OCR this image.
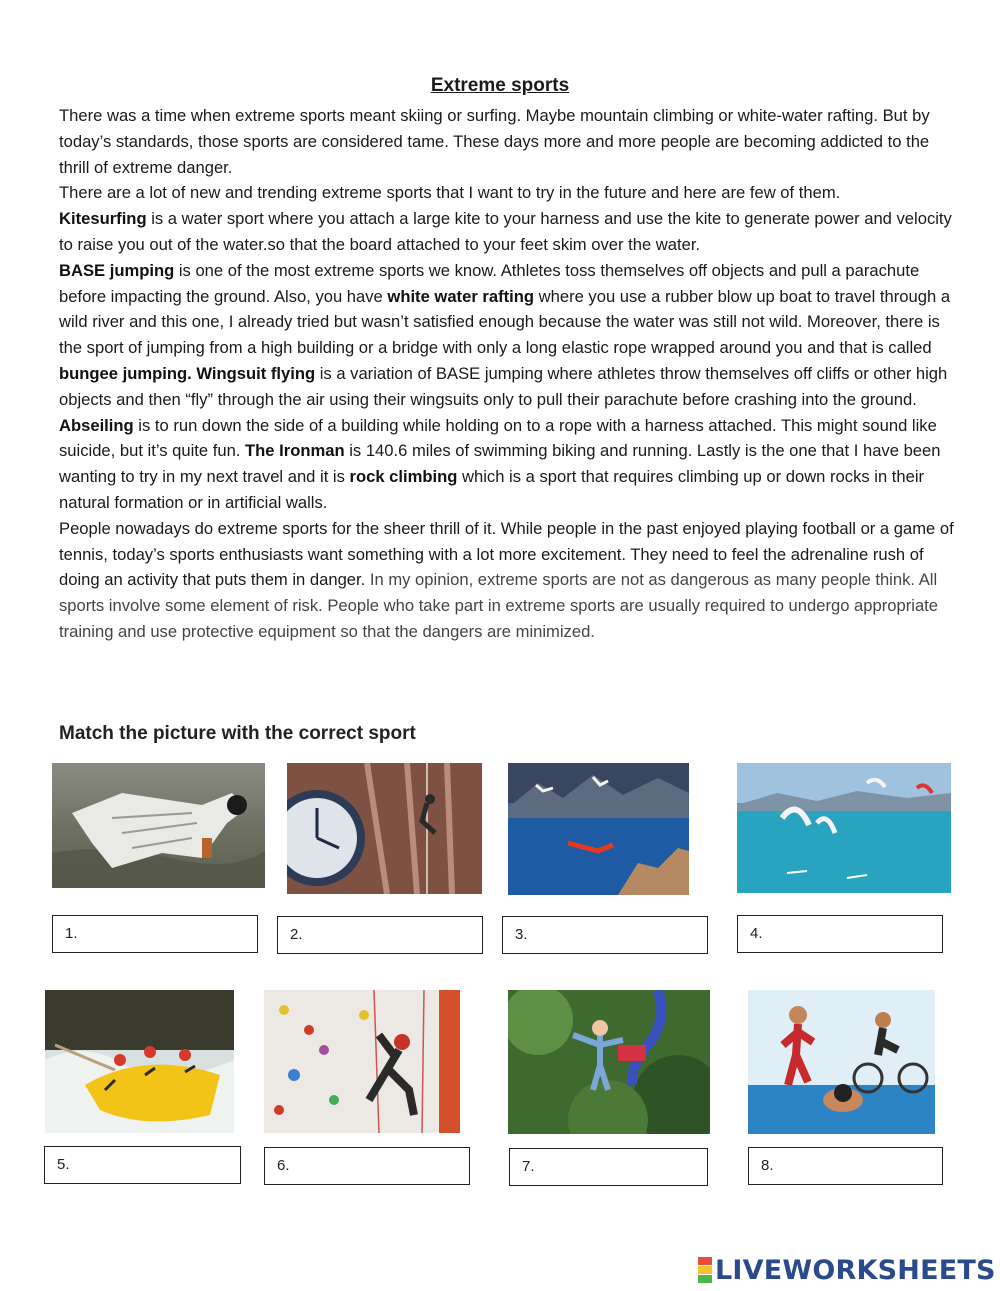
Extreme sports

There was a time when extreme sports meant skiing or surfing. Maybe mountain climbing or white-water rafting. But by today’s standards, those sports are considered tame. These days more and more people are becoming addicted to the thrill of extreme danger.

There are a lot of new and trending extreme sports that I want to try in the future and here are few of them.

Kitesurfing is a water sport where you attach a large kite to your harness and use the kite to generate power and velocity to raise you out of the water.so that the board attached to your feet skim over the water.

BASE jumping is one of the most extreme sports we know. Athletes toss themselves off objects and pull a parachute before impacting the ground. Also, you have white water rafting where you use a rubber blow up boat to travel through a wild river and this one, I already tried but wasn’t satisfied enough because the water was still not wild. Moreover, there is the sport of jumping from a high building or a bridge with only a long elastic rope wrapped around you and that is called bungee jumping. Wingsuit flying is a variation of BASE jumping where athletes throw themselves off cliffs or other high objects and then “fly” through the air using their wingsuits only to pull their parachute before crashing into the ground. Abseiling is to run down the side of a building while holding on to a rope with a harness attached. This might sound like suicide, but it’s quite fun. The Ironman is 140.6 miles of swimming biking and running. Lastly is the one that I have been wanting to try in my next travel and it is rock climbing which is a sport that requires climbing up or down rocks in their natural formation or in artificial walls.

People nowadays do extreme sports for the sheer thrill of it. While people in the past enjoyed playing football or a game of tennis, today’s sports enthusiasts want something with a lot more excitement. They need to feel the adrenaline rush of doing an activity that puts them in danger. In my opinion, extreme sports are not as dangerous as many people think. All sports involve some element of risk. People who take part in extreme sports are usually required to undergo appropriate training and use protective equipment so that the dangers are minimized.

Match the picture with the correct sport
1.	2.	3.	4.
5.	6.	7.	8.
LIVEWORKSHEETS
